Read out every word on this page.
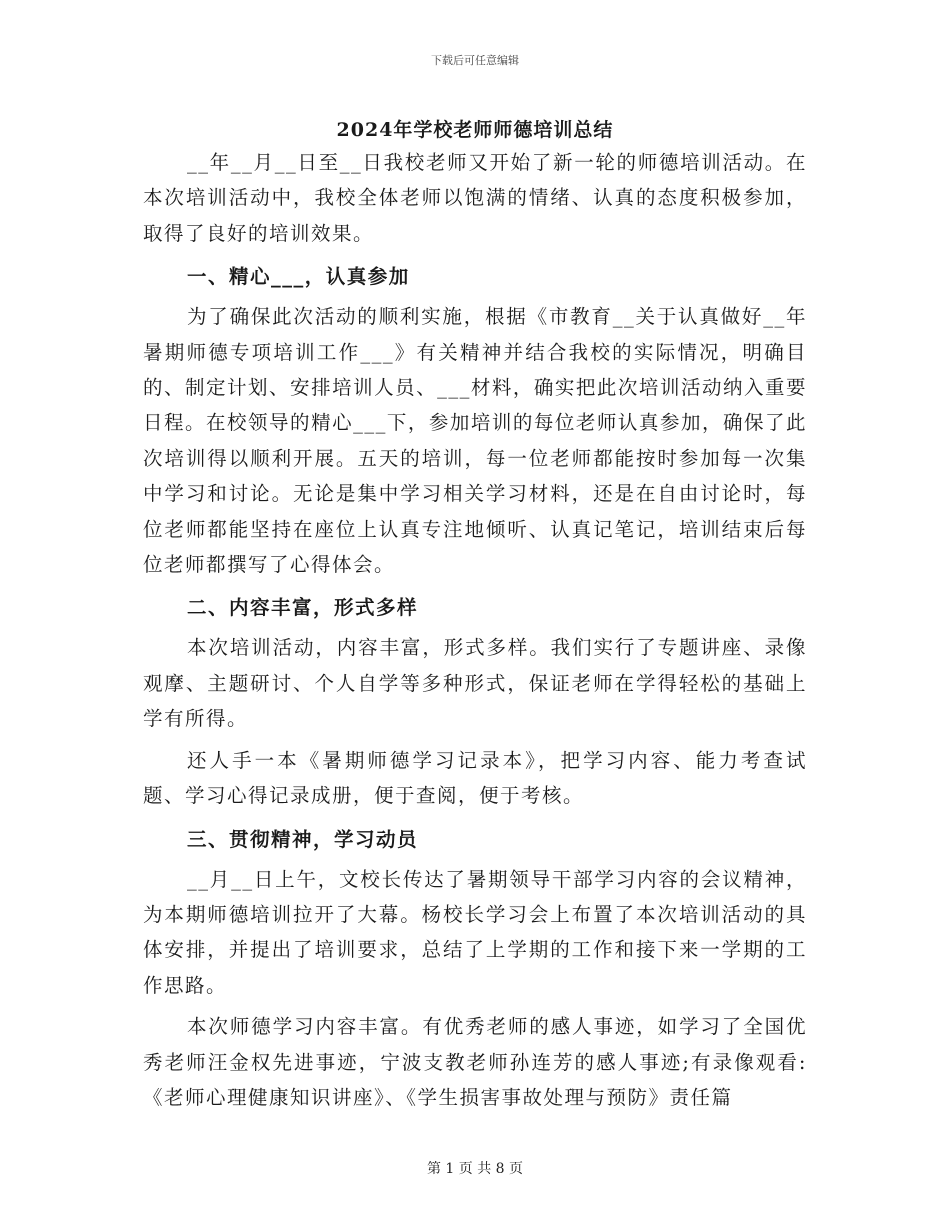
下载后可任意编辑
2024年学校老师师德培训总结

__年__月__日至__日我校老师又开始了新一轮的师德培训活动。在本次培训活动中，我校全体老师以饱满的情绪、认真的态度积极参加，取得了良好的培训效果。

一、精心___，认真参加

为了确保此次活动的顺利实施，根据《市教育__关于认真做好__年暑期师德专项培训工作___》有关精神并结合我校的实际情况，明确目的、制定计划、安排培训人员、___材料，确实把此次培训活动纳入重要日程。在校领导的精心___下，参加培训的每位老师认真参加，确保了此次培训得以顺利开展。五天的培训，每一位老师都能按时参加每一次集中学习和讨论。无论是集中学习相关学习材料，还是在自由讨论时，每位老师都能坚持在座位上认真专注地倾听、认真记笔记，培训结束后每位老师都撰写了心得体会。

二、内容丰富，形式多样

本次培训活动，内容丰富，形式多样。我们实行了专题讲座、录像观摩、主题研讨、个人自学等多种形式，保证老师在学得轻松的基础上学有所得。

还人手一本《暑期师德学习记录本》，把学习内容、能力考查试题、学习心得记录成册，便于查阅，便于考核。

三、贯彻精神，学习动员

__月__日上午，文校长传达了暑期领导干部学习内容的会议精神，为本期师德培训拉开了大幕。杨校长学习会上布置了本次培训活动的具体安排，并提出了培训要求，总结了上学期的工作和接下来一学期的工作思路。

本次师德学习内容丰富。有优秀老师的感人事迹，如学习了全国优秀老师汪金权先进事迹，宁波支教老师孙连芳的感人事迹;有录像观看:《老师心理健康知识讲座》、《学生损害事故处理与预防》责任篇

第 1 页 共 8 页
